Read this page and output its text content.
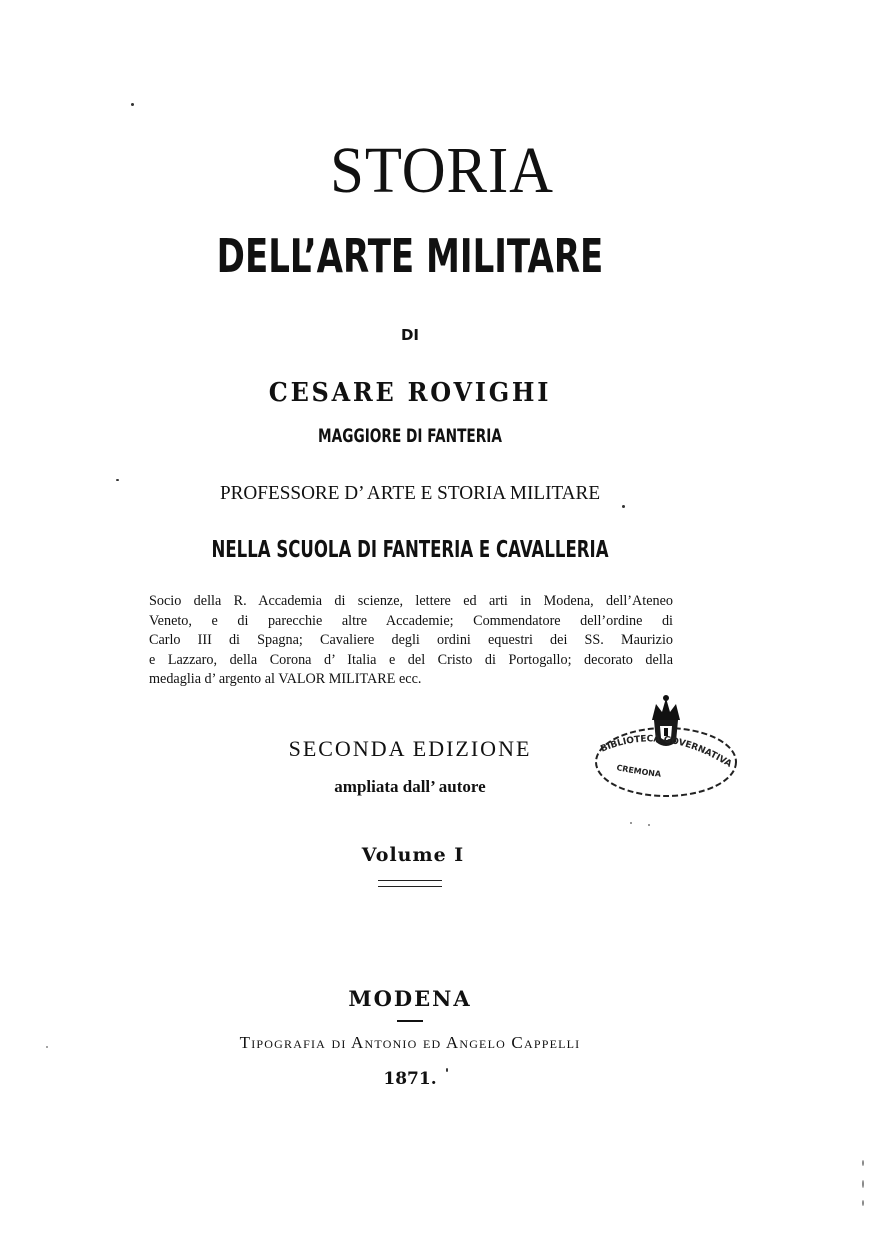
STORIA
DELL’ARTE MILITARE
DI
CESARE ROVIGHI
MAGGIORE DI FANTERIA
PROFESSORE D’ ARTE E STORIA MILITARE
NELLA SCUOLA DI FANTERIA E CAVALLERIA
Socio della R. Accademia di scienze, lettere ed arti in Modena, dell’Ateneo
Veneto, e di parecchie altre Accademie; Commendatore dell’ordine di
Carlo III di Spagna; Cavaliere degli ordini equestri dei SS. Maurizio
e Lazzaro, della Corona d’ Italia e del Cristo di Portogallo; decorato della
medaglia d’ argento al VALOR MILITARE ecc.
SECONDA EDIZIONE
ampliata dall’ autore
Volume I
MODENA
Tipografia di Antonio ed Angelo Cappelli
1871.
BIBLIOTECA GOVERNATIVA
CREMONA
